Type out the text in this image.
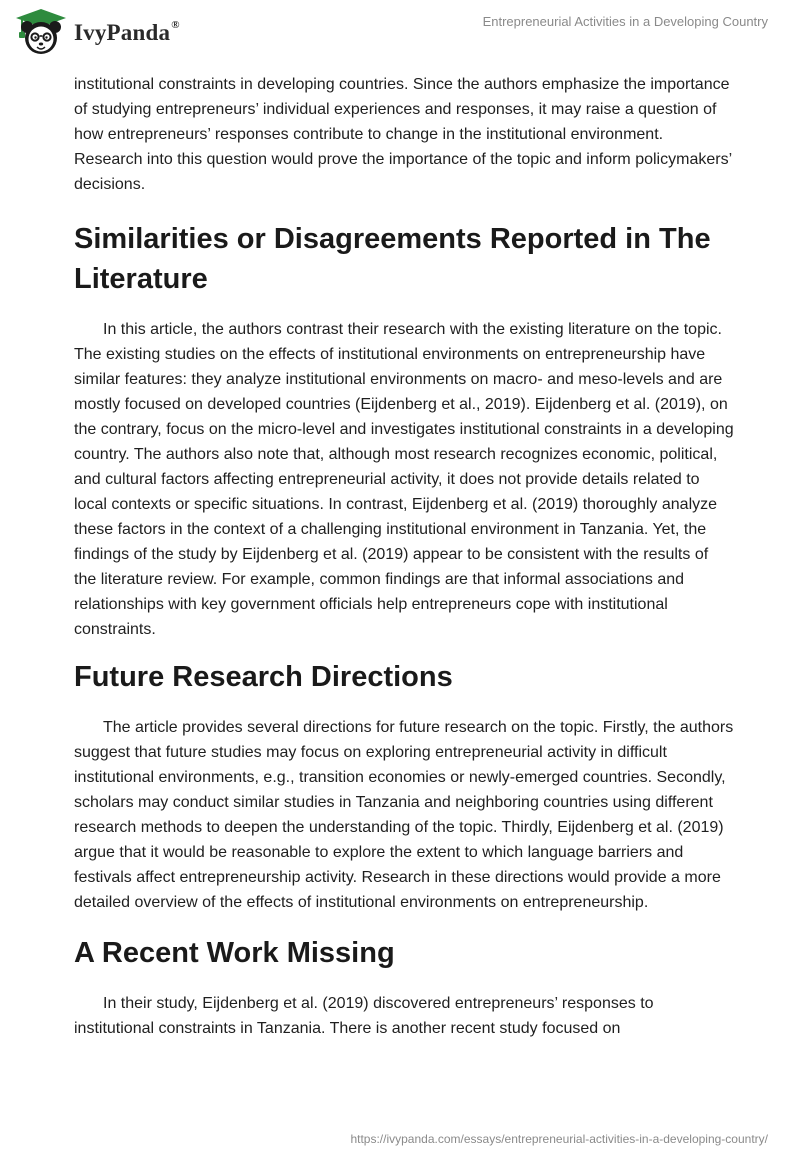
IvyPanda®	Entrepreneurial Activities in a Developing Country

institutional constraints in developing countries. Since the authors emphasize the importance of studying entrepreneurs’ individual experiences and responses, it may raise a question of how entrepreneurs’ responses contribute to change in the institutional environment. Research into this question would prove the importance of the topic and inform policymakers’ decisions.

Similarities or Disagreements Reported in The Literature

In this article, the authors contrast their research with the existing literature on the topic. The existing studies on the effects of institutional environments on entrepreneurship have similar features: they analyze institutional environments on macro- and meso-levels and are mostly focused on developed countries (Eijdenberg et al., 2019). Eijdenberg et al. (2019), on the contrary, focus on the micro-level and investigates institutional constraints in a developing country. The authors also note that, although most research recognizes economic, political, and cultural factors affecting entrepreneurial activity, it does not provide details related to local contexts or specific situations. In contrast, Eijdenberg et al. (2019) thoroughly analyze these factors in the context of a challenging institutional environment in Tanzania. Yet, the findings of the study by Eijdenberg et al. (2019) appear to be consistent with the results of the literature review. For example, common findings are that informal associations and relationships with key government officials help entrepreneurs cope with institutional constraints.

Future Research Directions

The article provides several directions for future research on the topic. Firstly, the authors suggest that future studies may focus on exploring entrepreneurial activity in difficult institutional environments, e.g., transition economies or newly-emerged countries. Secondly, scholars may conduct similar studies in Tanzania and neighboring countries using different research methods to deepen the understanding of the topic. Thirdly, Eijdenberg et al. (2019) argue that it would be reasonable to explore the extent to which language barriers and festivals affect entrepreneurship activity. Research in these directions would provide a more detailed overview of the effects of institutional environments on entrepreneurship.

A Recent Work Missing

In their study, Eijdenberg et al. (2019) discovered entrepreneurs’ responses to institutional constraints in Tanzania. There is another recent study focused on

https://ivypanda.com/essays/entrepreneurial-activities-in-a-developing-country/
